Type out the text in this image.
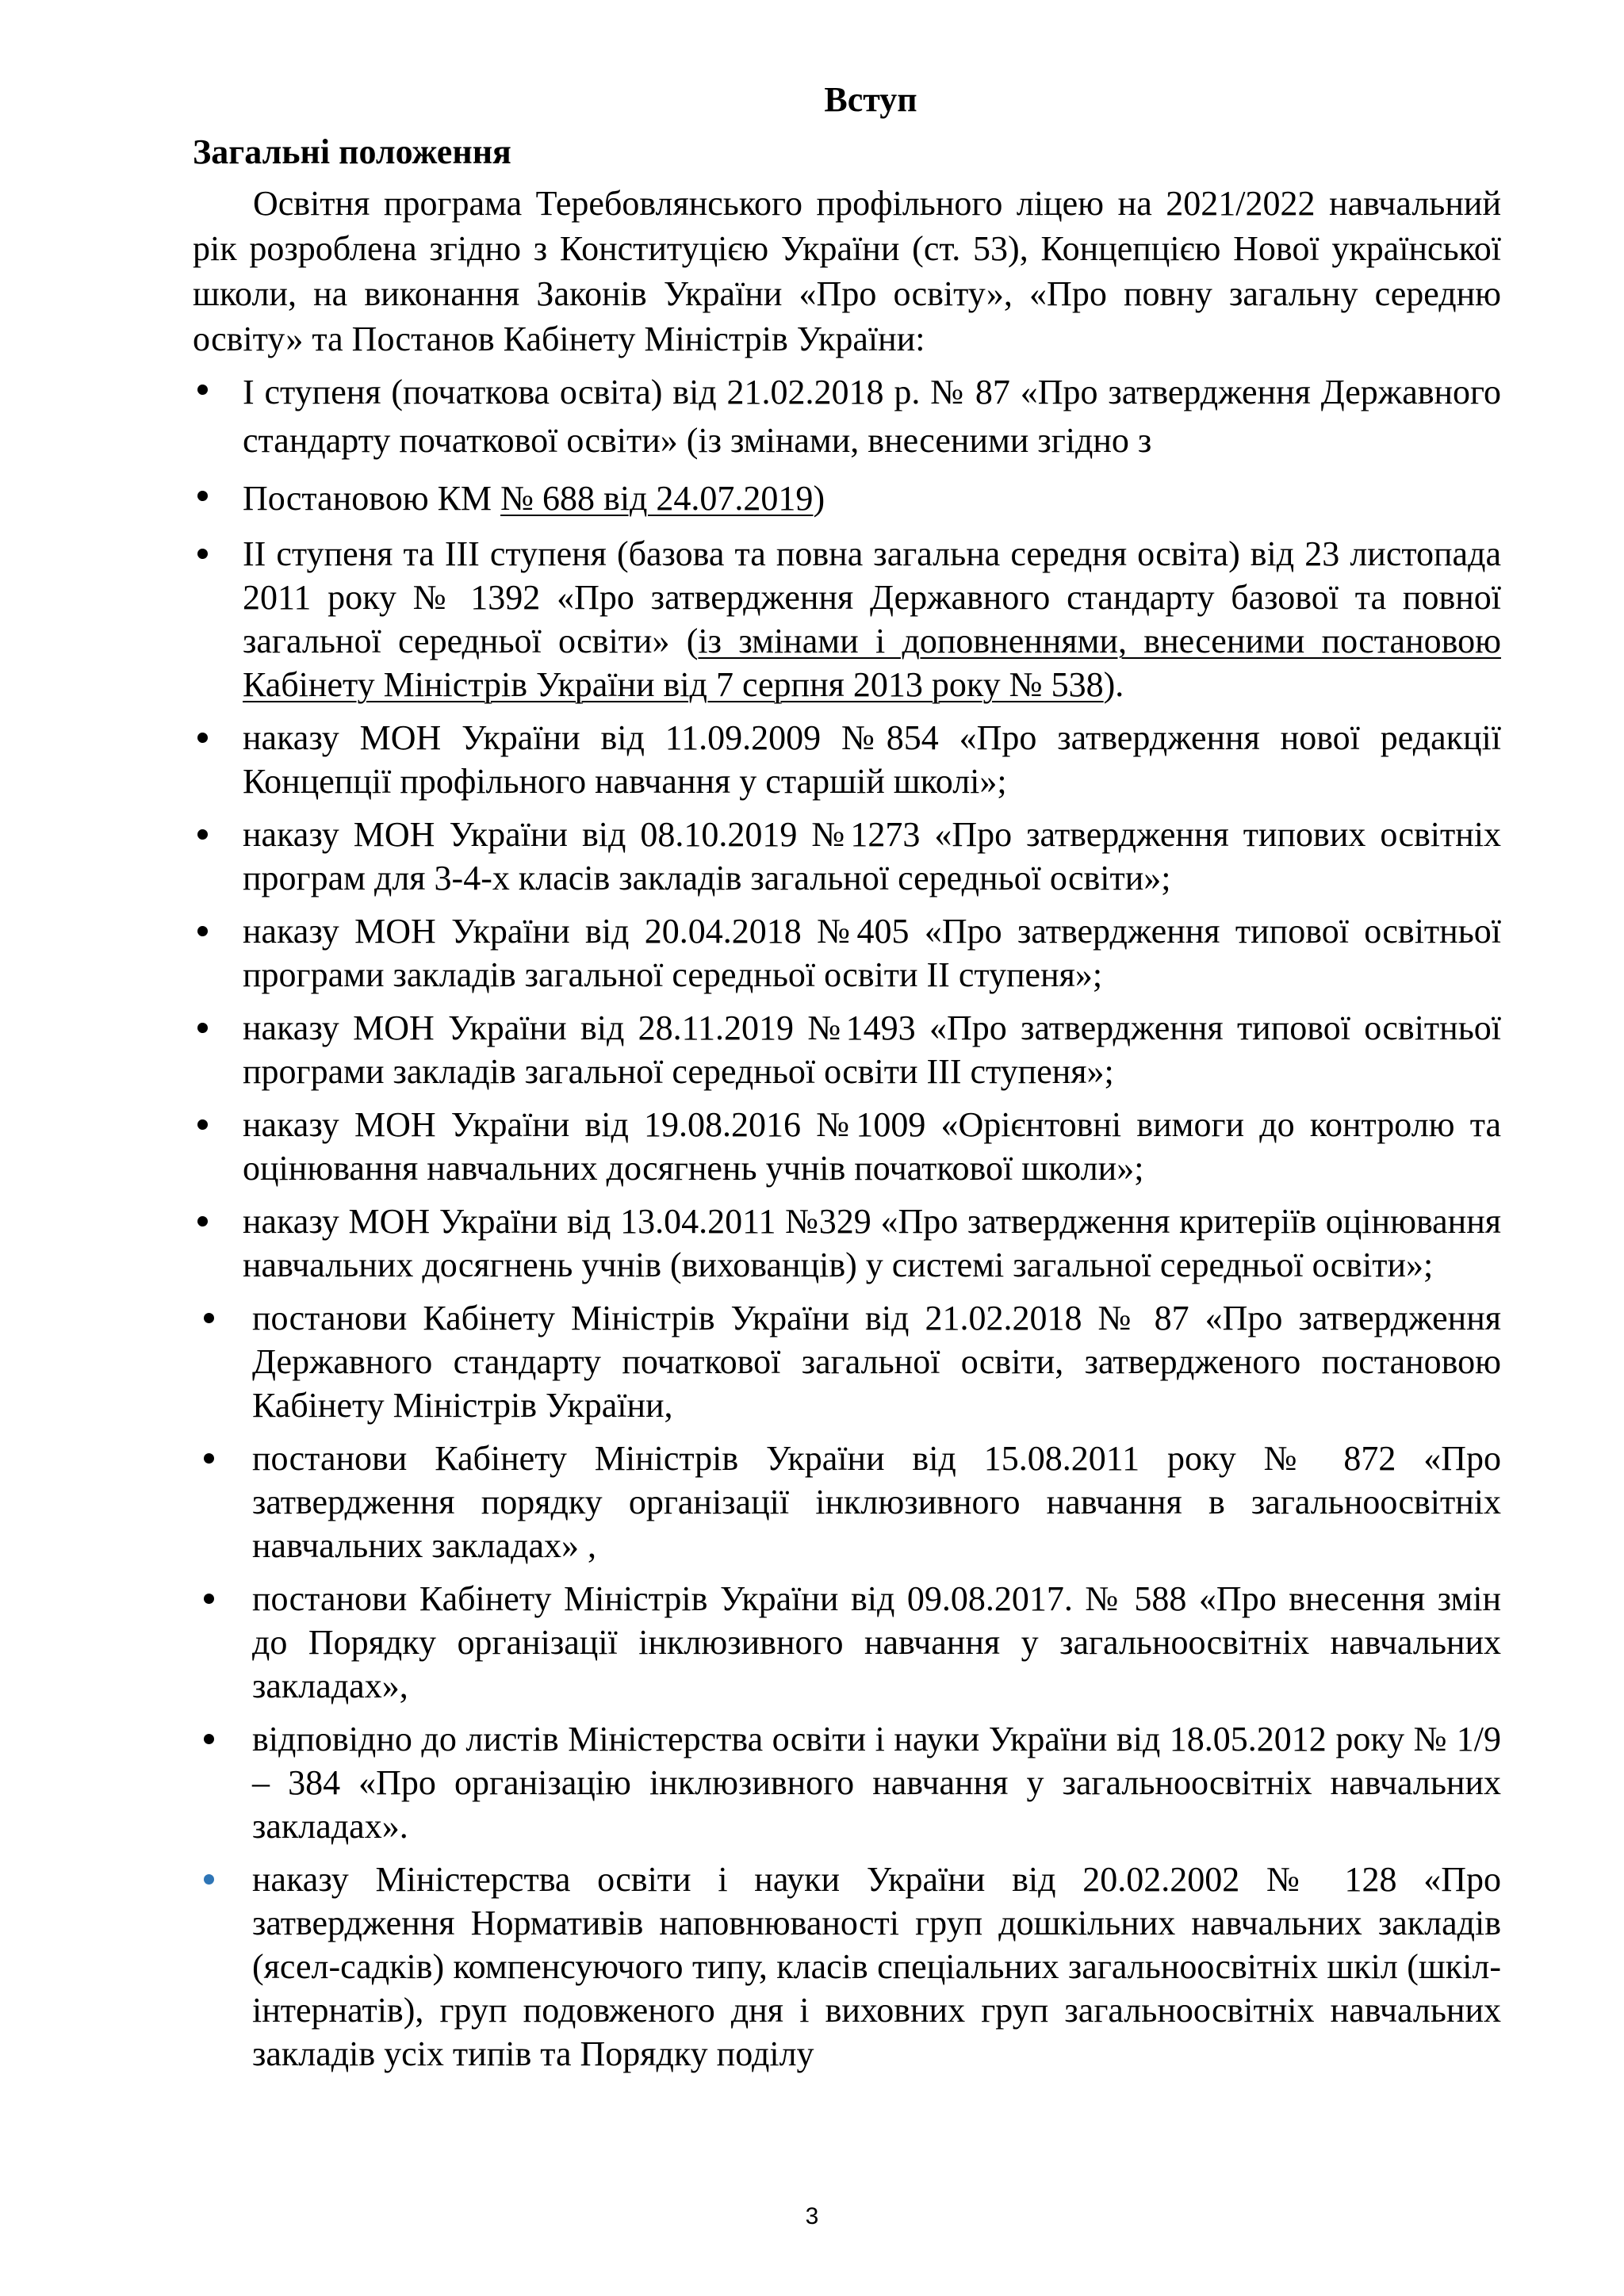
Вступ
Загальні положення

Освітня програма Теребовлянського профільного ліцею на 2021/2022 навчальний рік розроблена згідно з Конституцією України (ст. 53), Концепцією Нової української школи, на виконання Законів України «Про освіту», «Про повну загальну середню освіту» та Постанов Кабінету Міністрів України:

I ступеня (початкова освіта) від 21.02.2018 р. № 87 «Про затвердження Державного стандарту початкової освіти» (із змінами, внесеними згідно з
Постановою КМ № 688 від 24.07.2019)
ІІ ступеня та ІІІ ступеня (базова та повна загальна середня освіта) від 23 листопада 2011 року № 1392 «Про затвердження Державного стандарту базової та повної загальної середньої освіти» (із змінами і доповненнями, внесеними постановою Кабінету Міністрів України від 7 серпня 2013 року № 538).
наказу МОН України від 11.09.2009 №854 «Про затвердження нової редакції Концепції профільного навчання у старшій школі»;
наказу МОН України від 08.10.2019 №1273 «Про затвердження типових освітніх програм для 3-4-х класів закладів загальної середньої освіти»;
наказу МОН України від 20.04.2018 №405 «Про затвердження типової освітньої програми закладів загальної середньої освіти ІІ ступеня»;
наказу МОН України від 28.11.2019 №1493 «Про затвердження типової освітньої програми закладів загальної середньої освіти ІІІ ступеня»;
наказу МОН України від 19.08.2016 №1009 «Орієнтовні вимоги до контролю та оцінювання навчальних досягнень учнів початкової школи»;
наказу МОН України від 13.04.2011 №329 «Про затвердження критеріїв оцінювання навчальних досягнень учнів (вихованців) у системі загальної середньої освіти»;
постанови Кабінету Міністрів України від 21.02.2018 № 87 «Про затвердження Державного стандарту початкової загальної освіти, затвердженого постановою Кабінету Міністрів України,
постанови Кабінету Міністрів України від 15.08.2011 року № 872 «Про затвердження порядку організації інклюзивного навчання в загальноосвітніх навчальних закладах» ,
постанови Кабінету Міністрів України від 09.08.2017. № 588 «Про внесення змін до Порядку організації інклюзивного навчання у загальноосвітніх навчальних закладах»,
відповідно до листів Міністерства освіти і науки України від 18.05.2012 року № 1/9 – 384 «Про організацію інклюзивного навчання у загальноосвітніх навчальних закладах».
наказу Міністерства освіти і науки України від 20.02.2002 № 128 «Про затвердження Нормативів наповнюваності груп дошкільних навчальних закладів (ясел-садків) компенсуючого типу, класів спеціальних загальноосвітніх шкіл (шкіл-інтернатів), груп подовженого дня і виховних груп загальноосвітніх навчальних закладів усіх типів та Порядку поділу
3
